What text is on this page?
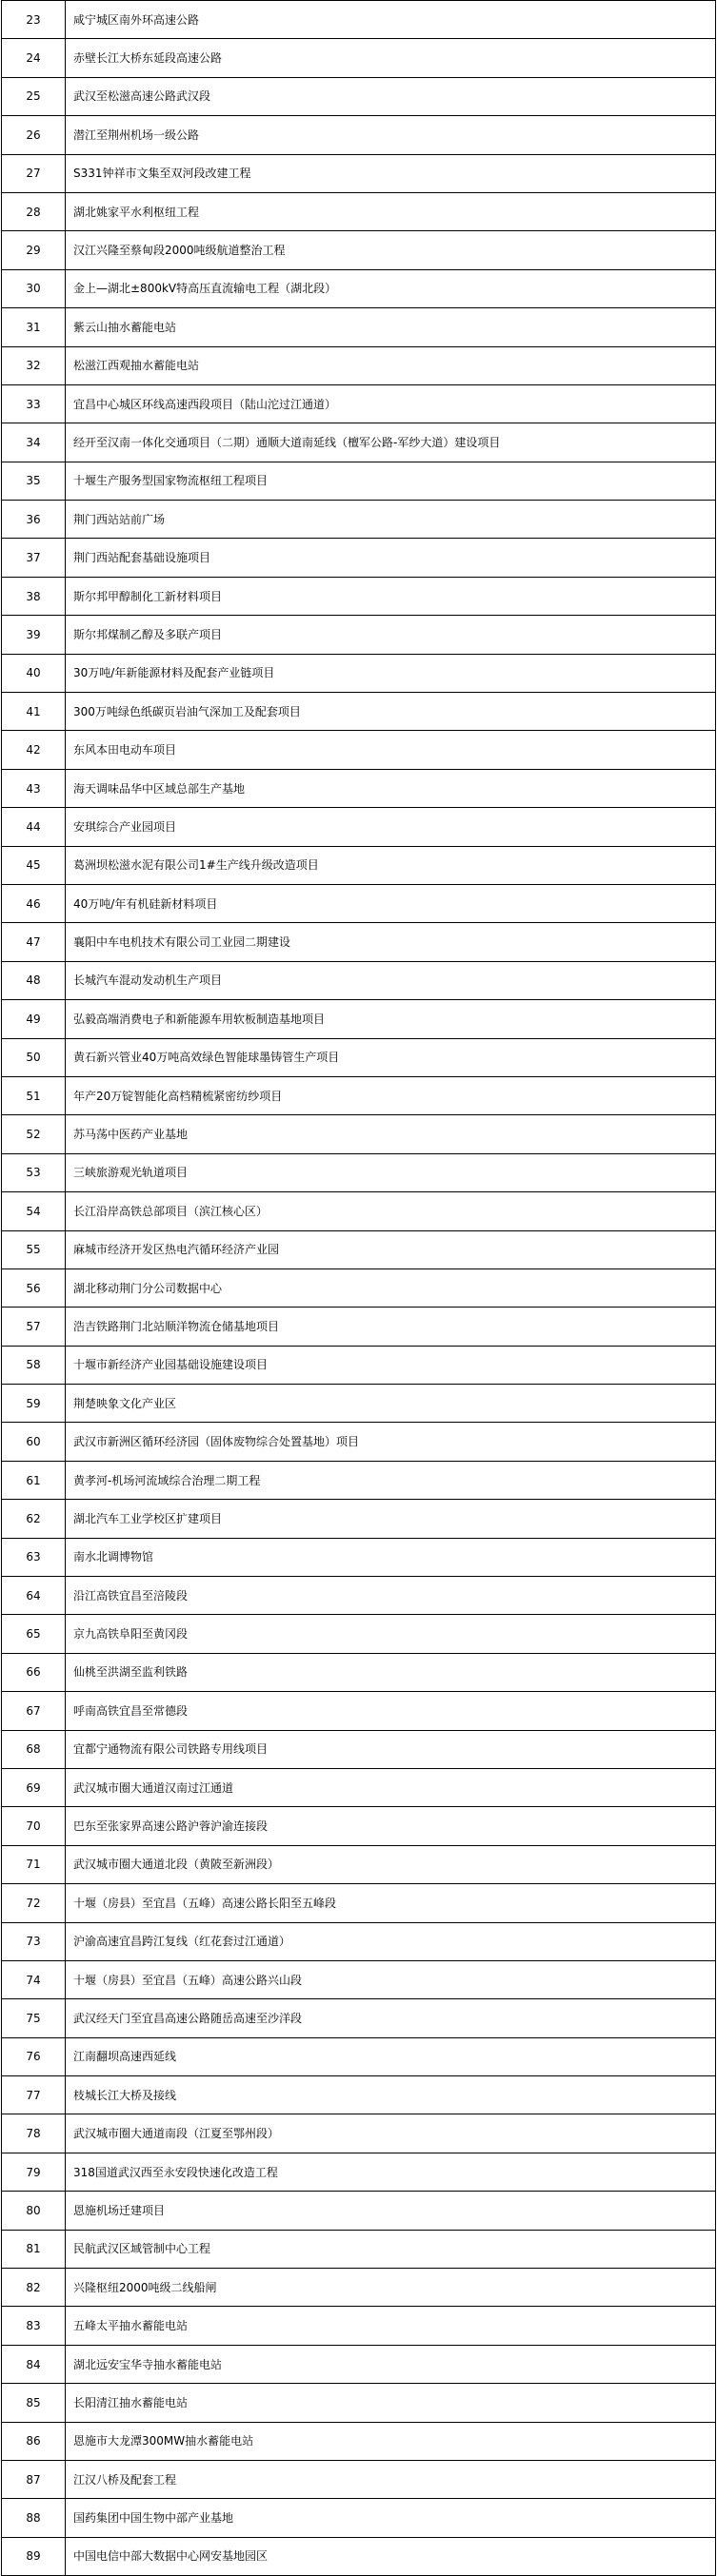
23	咸宁城区南外环高速公路
24	赤壁长江大桥东延段高速公路
25	武汉至松滋高速公路武汉段
26	潜江至荆州机场一级公路
27	S331钟祥市文集至双河段改建工程
28	湖北姚家平水利枢纽工程
29	汉江兴隆至蔡甸段2000吨级航道整治工程
30	金上—湖北±800kV特高压直流输电工程（湖北段）
31	紫云山抽水蓄能电站
32	松滋江西观抽水蓄能电站
33	宜昌中心城区环线高速西段项目（陆山沱过江通道）
34	经开至汉南一体化交通项目（二期）通顺大道南延线（檀军公路-军纱大道）建设项目
35	十堰生产服务型国家物流枢纽工程项目
36	荆门西站站前广场
37	荆门西站配套基础设施项目
38	斯尔邦甲醇制化工新材料项目
39	斯尔邦煤制乙醇及多联产项目
40	30万吨/年新能源材料及配套产业链项目
41	300万吨绿色纸碳页岩油气深加工及配套项目
42	东风本田电动车项目
43	海天调味品华中区域总部生产基地
44	安琪综合产业园项目
45	葛洲坝松滋水泥有限公司1#生产线升级改造项目
46	40万吨/年有机硅新材料项目
47	襄阳中车电机技术有限公司工业园二期建设
48	长城汽车混动发动机生产项目
49	弘毅高端消费电子和新能源车用软板制造基地项目
50	黄石新兴管业40万吨高效绿色智能球墨铸管生产项目
51	年产20万锭智能化高档精梳紧密纺纱项目
52	苏马荡中医药产业基地
53	三峡旅游观光轨道项目
54	长江沿岸高铁总部项目（滨江核心区）
55	麻城市经济开发区热电汽循环经济产业园
56	湖北移动荆门分公司数据中心
57	浩吉铁路荆门北站顺洋物流仓储基地项目
58	十堰市新经济产业园基础设施建设项目
59	荆楚映象文化产业区
60	武汉市新洲区循环经济园（固体废物综合处置基地）项目
61	黄孝河-机场河流域综合治理二期工程
62	湖北汽车工业学校区扩建项目
63	南水北调博物馆
64	沿江高铁宜昌至涪陵段
65	京九高铁阜阳至黄冈段
66	仙桃至洪湖至监利铁路
67	呼南高铁宜昌至常德段
68	宜都宁通物流有限公司铁路专用线项目
69	武汉城市圈大通道汉南过江通道
70	巴东至张家界高速公路沪蓉沪渝连接段
71	武汉城市圈大通道北段（黄陂至新洲段）
72	十堰（房县）至宜昌（五峰）高速公路长阳至五峰段
73	沪渝高速宜昌跨江复线（红花套过江通道）
74	十堰（房县）至宜昌（五峰）高速公路兴山段
75	武汉经天门至宜昌高速公路随岳高速至沙洋段
76	江南翻坝高速西延线
77	枝城长江大桥及接线
78	武汉城市圈大通道南段（江夏至鄂州段）
79	318国道武汉西至永安段快速化改造工程
80	恩施机场迁建项目
81	民航武汉区域管制中心工程
82	兴隆枢纽2000吨级二线船闸
83	五峰太平抽水蓄能电站
84	湖北远安宝华寺抽水蓄能电站
85	长阳清江抽水蓄能电站
86	恩施市大龙潭300MW抽水蓄能电站
87	江汉八桥及配套工程
88	国药集团中国生物中部产业基地
89	中国电信中部大数据中心网安基地园区
